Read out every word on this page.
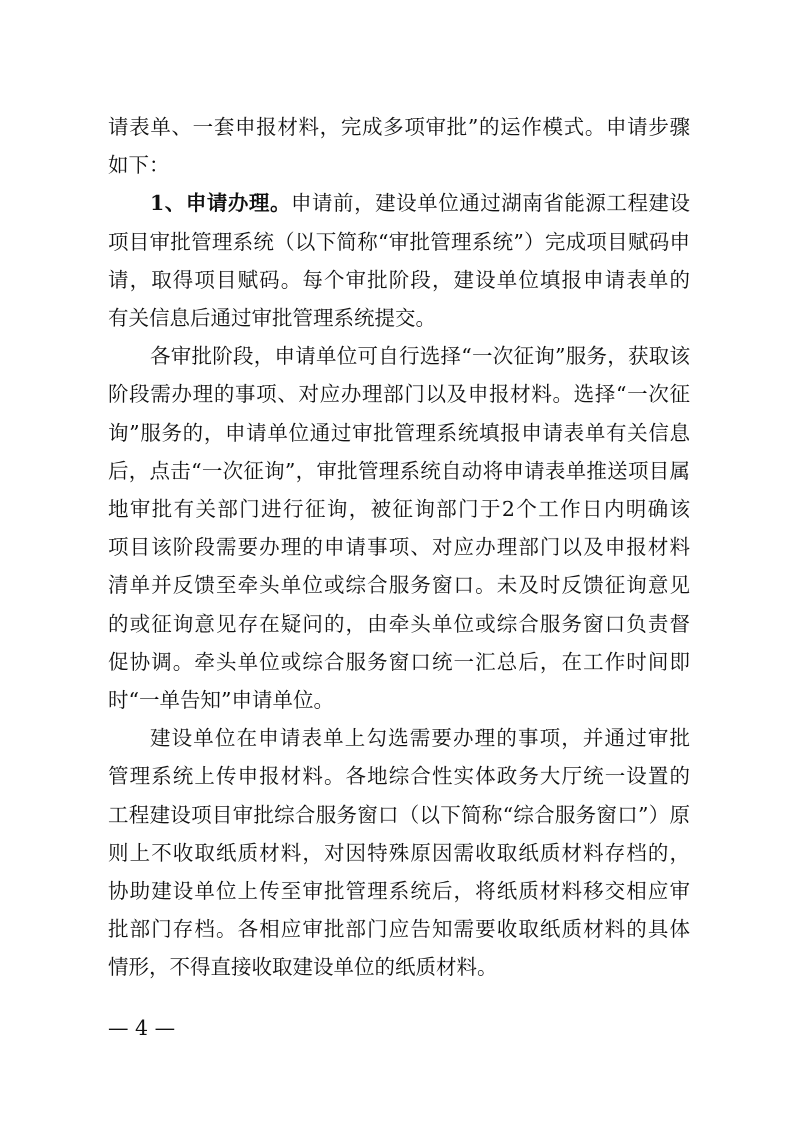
请表单、一套申报材料，完成多项审批”的运作模式。申请步骤
如下：
1、申请办理。申请前，建设单位通过湖南省能源工程建设
项目审批管理系统（以下简称“审批管理系统”）完成项目赋码申
请，取得项目赋码。每个审批阶段，建设单位填报申请表单的
有关信息后通过审批管理系统提交。
各审批阶段，申请单位可自行选择“一次征询”服务，获取该
阶段需办理的事项、对应办理部门以及申报材料。选择“一次征
询”服务的，申请单位通过审批管理系统填报申请表单有关信息
后，点击“一次征询”，审批管理系统自动将申请表单推送项目属
地审批有关部门进行征询，被征询部门于2个工作日内明确该
项目该阶段需要办理的申请事项、对应办理部门以及申报材料
清单并反馈至牵头单位或综合服务窗口。未及时反馈征询意见
的或征询意见存在疑问的，由牵头单位或综合服务窗口负责督
促协调。牵头单位或综合服务窗口统一汇总后，在工作时间即
时“一单告知”申请单位。
建设单位在申请表单上勾选需要办理的事项，并通过审批
管理系统上传申报材料。各地综合性实体政务大厅统一设置的
工程建设项目审批综合服务窗口（以下简称“综合服务窗口”）原
则上不收取纸质材料，对因特殊原因需收取纸质材料存档的，
协助建设单位上传至审批管理系统后，将纸质材料移交相应审
批部门存档。各相应审批部门应告知需要收取纸质材料的具体
情形，不得直接收取建设单位的纸质材料。
— 4 —
